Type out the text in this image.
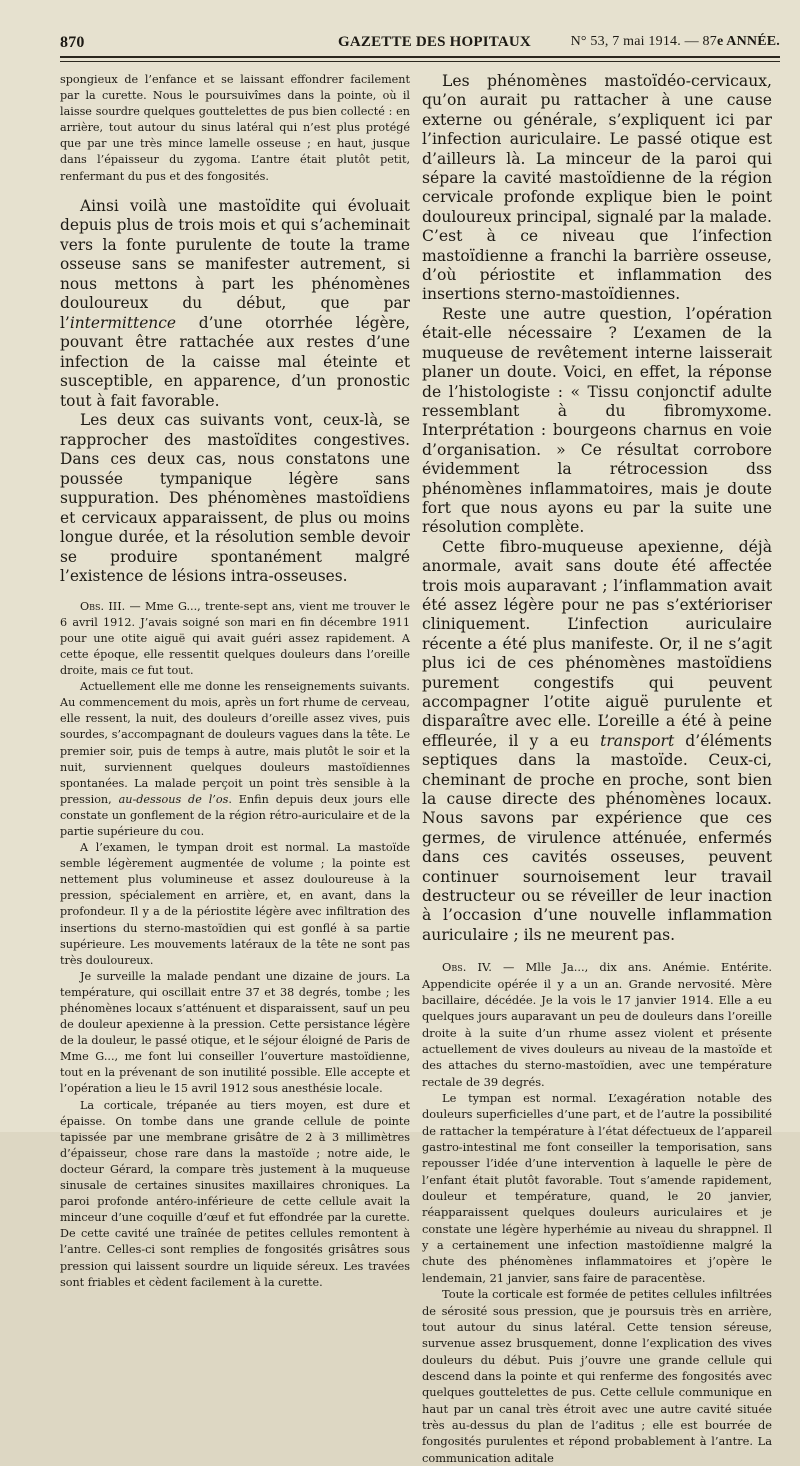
870	GAZETTE DES HOPITAUX	N° 53, 7 mai 1914. — 87e ANNÉE.

spongieux de l’enfance et se laissant effondrer facilement par la curette. Nous le poursuivîmes dans la pointe, où il laisse sourdre quelques gouttelettes de pus bien collecté : en arrière, tout autour du sinus latéral qui n’est plus protégé que par une très mince lamelle osseuse ; en haut, jusque dans l’épaisseur du zygoma. L’antre était plutôt petit, renfermant du pus et des fongosités.

Ainsi voilà une mastoïdite qui évoluait depuis plus de trois mois et qui s’acheminait vers la fonte purulente de toute la trame osseuse sans se manifester autrement, si nous mettons à part les phénomènes douloureux du début, que par l’intermittence d’une otorrhée légère, pouvant être rattachée aux restes d’une infection de la caisse mal éteinte et susceptible, en apparence, d’un pronostic tout à fait favorable.

Les deux cas suivants vont, ceux-là, se rapprocher des mastoïdites congestives. Dans ces deux cas, nous constatons une poussée tympanique légère sans suppuration. Des phénomènes mastoïdiens et cervicaux apparaissent, de plus ou moins longue durée, et la résolution semble devoir se produire spontanément malgré l’existence de lésions intra-osseuses.

Obs. III. — Mme G..., trente-sept ans, vient me trouver le 6 avril 1912. J’avais soigné son mari en fin décembre 1911 pour une otite aiguë qui avait guéri assez rapidement. A cette époque, elle ressentit quelques douleurs dans l’oreille droite, mais ce fut tout.

Actuellement elle me donne les renseignements suivants. Au commencement du mois, après un fort rhume de cerveau, elle ressent, la nuit, des douleurs d’oreille assez vives, puis sourdes, s’accompagnant de douleurs vagues dans la tête. Le premier soir, puis de temps à autre, mais plutôt le soir et la nuit, surviennent quelques douleurs mastoïdiennes spontanées. La malade perçoit un point très sensible à la pression, au-dessous de l’os. Enfin depuis deux jours elle constate un gonflement de la région rétro-auriculaire et de la partie supérieure du cou.

A l’examen, le tympan droit est normal. La mastoïde semble légèrement augmentée de volume ; la pointe est nettement plus volumineuse et assez douloureuse à la pression, spécialement en arrière, et, en avant, dans la profondeur. Il y a de la périostite légère avec infiltration des insertions du sterno-mastoïdien qui est gonflé à sa partie supérieure. Les mouvements latéraux de la tête ne sont pas très douloureux.

Je surveille la malade pendant une dizaine de jours. La température, qui oscillait entre 37 et 38 degrés, tombe ; les phénomènes locaux s’atténuent et disparaissent, sauf un peu de douleur apexienne à la pression. Cette persistance légère de la douleur, le passé otique, et le séjour éloigné de Paris de Mme G..., me font lui conseiller l’ouverture mastoïdienne, tout en la prévenant de son inutilité possible. Elle accepte et l’opération a lieu le 15 avril 1912 sous anesthésie locale.

La corticale, trépanée au tiers moyen, est dure et épaisse. On tombe dans une grande cellule de pointe tapissée par une membrane grisâtre de 2 à 3 millimètres d’épaisseur, chose rare dans la mastoïde ; notre aide, le docteur Gérard, la compare très justement à la muqueuse sinusale de certaines sinusites maxillaires chroniques. La paroi profonde antéro-inférieure de cette cellule avait la minceur d’une coquille d’œuf et fut effondrée par la curette. De cette cavité une traînée de petites cellules remontent à l’antre. Celles-ci sont remplies de fongosités grisâtres sous pression qui laissent sourdre un liquide séreux. Les travées sont friables et cèdent facilement à la curette.

Les phénomènes mastoïdéo-cervicaux, qu’on aurait pu rattacher à une cause externe ou générale, s’expliquent ici par l’infection auriculaire. Le passé otique est d’ailleurs là. La minceur de la paroi qui sépare la cavité mastoïdienne de la région cervicale profonde explique bien le point douloureux principal, signalé par la malade. C’est à ce niveau que l’infection mastoïdienne a franchi la barrière osseuse, d’où périostite et inflammation des insertions sterno-mastoïdiennes.

Reste une autre question, l’opération était-elle nécessaire ? L’examen de la muqueuse de revêtement interne laisserait planer un doute. Voici, en effet, la réponse de l’histologiste : « Tissu conjonctif adulte ressemblant à du fibromyxome. Interprétation : bourgeons charnus en voie d’organisation. » Ce résultat corrobore évidemment la rétrocession dss phénomènes inflammatoires, mais je doute fort que nous ayons eu par la suite une résolution complète.

Cette fibro-muqueuse apexienne, déjà anormale, avait sans doute été affectée trois mois auparavant ; l’inflammation avait été assez légère pour ne pas s’extérioriser cliniquement. L’infection auriculaire récente a été plus manifeste. Or, il ne s’agit plus ici de ces phénomènes mastoïdiens purement congestifs qui peuvent accompagner l’otite aiguë purulente et disparaître avec elle. L’oreille a été à peine effleurée, il y a eu transport d’éléments septiques dans la mastoïde. Ceux-ci, cheminant de proche en proche, sont bien la cause directe des phénomènes locaux. Nous savons par expérience que ces germes, de virulence atténuée, enfermés dans ces cavités osseuses, peuvent continuer sournoisement leur travail destructeur ou se réveiller de leur inaction à l’occasion d’une nouvelle inflammation auriculaire ; ils ne meurent pas.

Obs. IV. — Mlle Ja..., dix ans. Anémie. Entérite. Appendicite opérée il y a un an. Grande nervosité. Mère bacillaire, décédée. Je la vois le 17 janvier 1914. Elle a eu quelques jours auparavant un peu de douleurs dans l’oreille droite à la suite d’un rhume assez violent et présente actuellement de vives douleurs au niveau de la mastoïde et des attaches du sterno-mastoïdien, avec une température rectale de 39 degrés.

Le tympan est normal. L’exagération notable des douleurs superficielles d’une part, et de l’autre la possibilité de rattacher la température à l’état défectueux de l’appareil gastro-intestinal me font conseiller la temporisation, sans repousser l’idée d’une intervention à laquelle le père de l’enfant était plutôt favorable. Tout s’amende rapidement, douleur et température, quand, le 20 janvier, réapparaissent quelques douleurs auriculaires et je constate une légère hyperhémie au niveau du shrappnel. Il y a certainement une infection mastoïdienne malgré la chute des phénomènes inflammatoires et j’opère le lendemain, 21 janvier, sans faire de paracentèse.

Toute la corticale est formée de petites cellules infiltrées de sérosité sous pression, que je poursuis très en arrière, tout autour du sinus latéral. Cette tension séreuse, survenue assez brusquement, donne l’explication des vives douleurs du début. Puis j’ouvre une grande cellule qui descend dans la pointe et qui renferme des fongosités avec quelques gouttelettes de pus. Cette cellule communique en haut par un canal très étroit avec une autre cavité située très au-dessus du plan de l’aditus ; elle est bourrée de fongosités purulentes et répond probablement à l’antre. La communication aditale
